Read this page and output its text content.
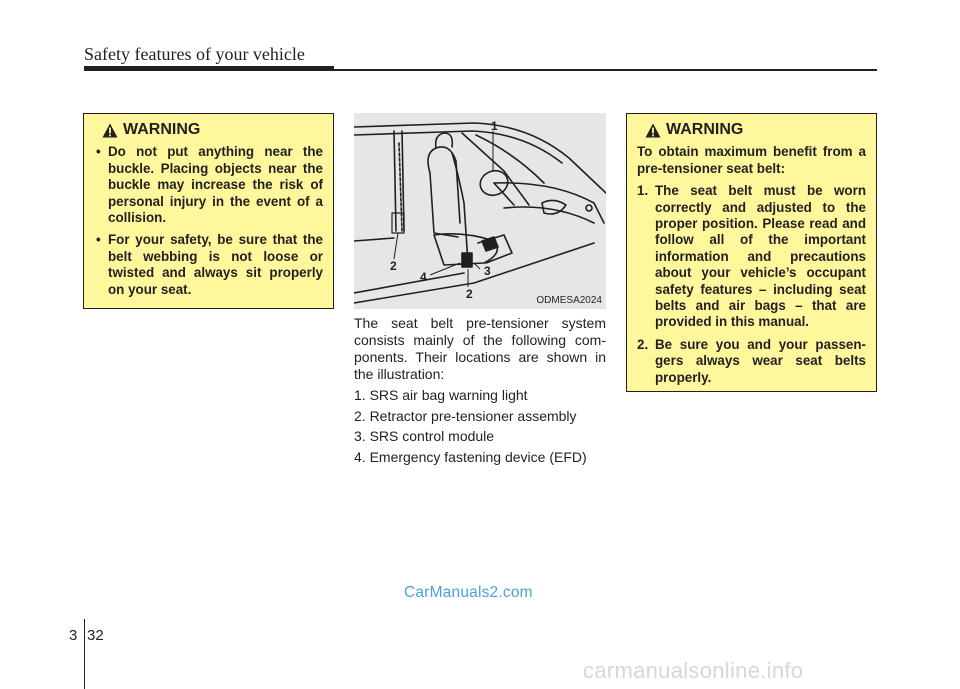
Safety features of your vehicle
WARNING
• Do not put anything near the buckle. Placing objects near the buckle may increase the risk of personal injury in the event of a collision.
• For your safety, be sure that the belt webbing is not loose or twisted and always sit properly on your seat.
1
2
2
3
4
ODMESA2024

The seat belt pre-tensioner system consists mainly of the following com-ponents. Their locations are shown in the illustration:

1. SRS air bag warning light
2. Retractor pre-tensioner assembly
3. SRS control module
4. Emergency fastening device (EFD)
WARNING
To obtain maximum benefit from a pre-tensioner seat belt:
1. The seat belt must be worn correctly and adjusted to the proper position. Please read and follow all of the important information and precautions about your vehicle’s occupant safety features – including seat belts and air bags – that are provided in this manual.
2. Be sure you and your passen-gers always wear seat belts properly.
CarManuals2.com
3 32
carmanualsonline.info
